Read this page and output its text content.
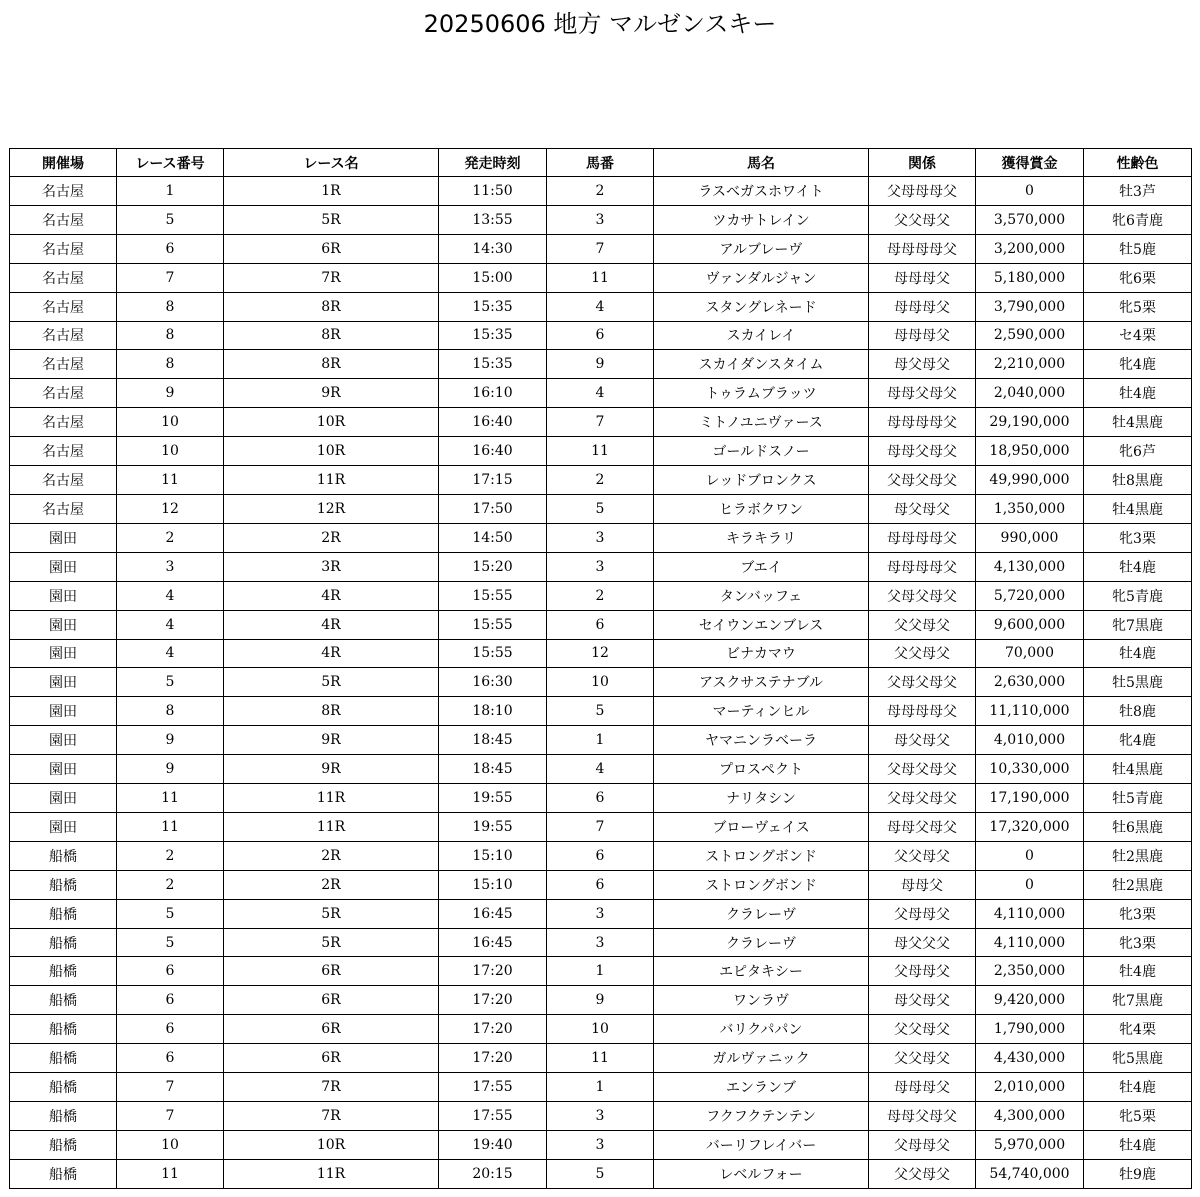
20250606 地方 マルゼンスキー
開催場	レース番号	レース名	発走時刻	馬番	馬名	関係	獲得賞金	性齢色
名古屋	1	1R	11:50	2	ラスベガスホワイト	父母母母父	0	牡3芦
名古屋	5	5R	13:55	3	ツカサトレイン	父父母父	3,570,000	牝6青鹿
名古屋	6	6R	14:30	7	アルブレーヴ	母母母母父	3,200,000	牡5鹿
名古屋	7	7R	15:00	11	ヴァンダルジャン	母母母父	5,180,000	牝6栗
名古屋	8	8R	15:35	4	スタングレネード	母母母父	3,790,000	牝5栗
名古屋	8	8R	15:35	6	スカイレイ	母母母父	2,590,000	セ4栗
名古屋	8	8R	15:35	9	スカイダンスタイム	母父母父	2,210,000	牝4鹿
名古屋	9	9R	16:10	4	トゥラムブラッツ	母母父母父	2,040,000	牡4鹿
名古屋	10	10R	16:40	7	ミトノユニヴァース	母母母母父	29,190,000	牡4黒鹿
名古屋	10	10R	16:40	11	ゴールドスノー	母母父母父	18,950,000	牝6芦
名古屋	11	11R	17:15	2	レッドブロンクス	父母父母父	49,990,000	牡8黒鹿
名古屋	12	12R	17:50	5	ヒラボクワン	母父母父	1,350,000	牡4黒鹿
園田	2	2R	14:50	3	キラキラリ	母母母母父	990,000	牝3栗
園田	3	3R	15:20	3	ブエイ	母母母母父	4,130,000	牡4鹿
園田	4	4R	15:55	2	タンバッフェ	父母父母父	5,720,000	牝5青鹿
園田	4	4R	15:55	6	セイウンエンブレス	父父母父	9,600,000	牝7黒鹿
園田	4	4R	15:55	12	ビナカマウ	父父母父	70,000	牡4鹿
園田	5	5R	16:30	10	アスクサステナブル	父母父母父	2,630,000	牡5黒鹿
園田	8	8R	18:10	5	マーティンヒル	母母母母父	11,110,000	牡8鹿
園田	9	9R	18:45	1	ヤマニンラベーラ	母父母父	4,010,000	牝4鹿
園田	9	9R	18:45	4	プロスペクト	父母父母父	10,330,000	牡4黒鹿
園田	11	11R	19:55	6	ナリタシン	父母父母父	17,190,000	牡5青鹿
園田	11	11R	19:55	7	ブローヴェイス	母母父母父	17,320,000	牡6黒鹿
船橋	2	2R	15:10	6	ストロングボンド	父父母父	0	牡2黒鹿
船橋	2	2R	15:10	6	ストロングボンド	母母父	0	牡2黒鹿
船橋	5	5R	16:45	3	クラレーヴ	父母母父	4,110,000	牝3栗
船橋	5	5R	16:45	3	クラレーヴ	母父父父	4,110,000	牝3栗
船橋	6	6R	17:20	1	エピタキシー	父母母父	2,350,000	牡4鹿
船橋	6	6R	17:20	9	ワンラヴ	母父母父	9,420,000	牝7黒鹿
船橋	6	6R	17:20	10	バリクパパン	父父母父	1,790,000	牝4栗
船橋	6	6R	17:20	11	ガルヴァニック	父父母父	4,430,000	牝5黒鹿
船橋	7	7R	17:55	1	エンランブ	母母母父	2,010,000	牡4鹿
船橋	7	7R	17:55	3	フクフクテンテン	母母父母父	4,300,000	牝5栗
船橋	10	10R	19:40	3	バーリフレイバー	父母母父	5,970,000	牡4鹿
船橋	11	11R	20:15	5	レベルフォー	父父母父	54,740,000	牡9鹿
